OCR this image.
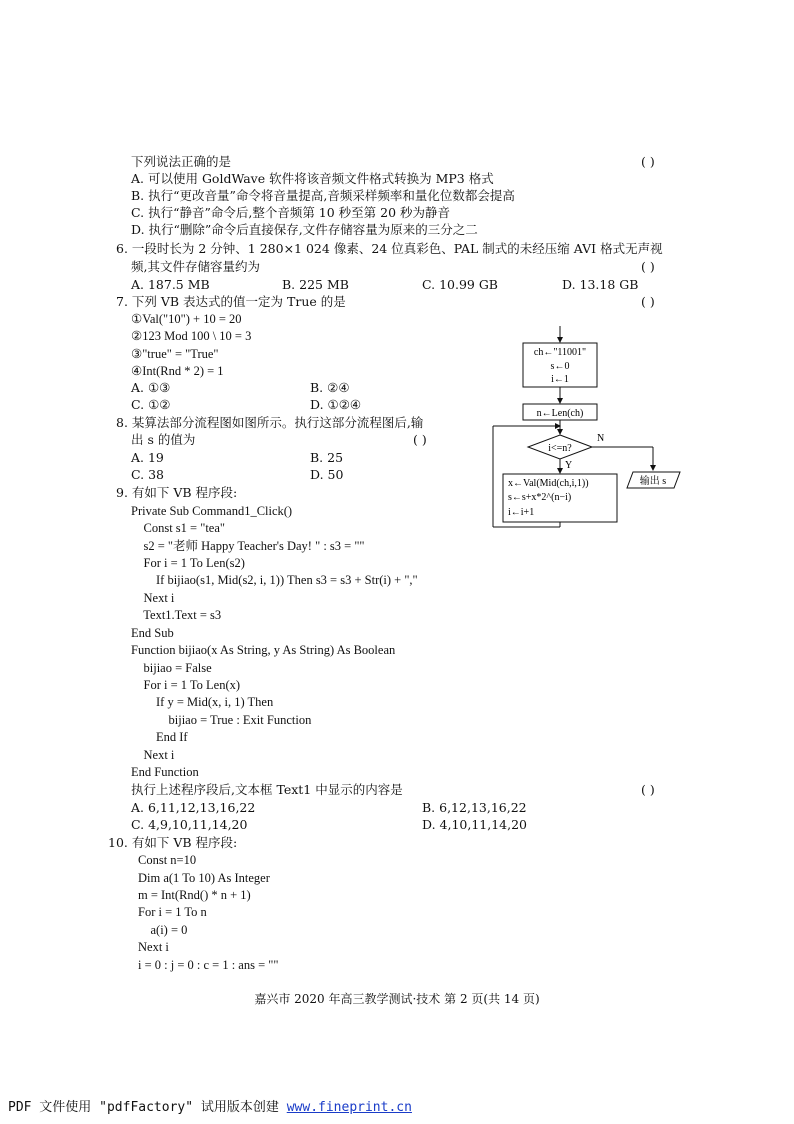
下列说法正确的是	( )
A. 可以使用 GoldWave 软件将该音频文件格式转换为 MP3 格式
B. 执行“更改音量”命令将音量提高,音频采样频率和量化位数都会提高
C. 执行“静音”命令后,整个音频第 10 秒至第 20 秒为静音
D. 执行“删除”命令后直接保存,文件存储容量为原来的三分之二
6. 一段时长为 2 分钟、1 280×1 024 像素、24 位真彩色、PAL 制式的未经压缩 AVI 格式无声视
频,其文件存储容量约为	( )
A. 187.5 MB	B. 225 MB	C. 10.99 GB	D. 13.18 GB
7. 下列 VB 表达式的值一定为 True 的是	( )
①Val("10") + 10 = 20
②123 Mod 100 \ 10 = 3
③"true" = "True"
④Int(Rnd * 2) = 1
A. ①③	B. ②④
C. ①②	D. ①②④
8. 某算法部分流程图如图所示。执行这部分流程图后,输
出 s 的值为	( )
A. 19	B. 25
C. 38	D. 50
ch←"11001"
s←0
i←1
n←Len(ch)
i<=n?
N
Y
x←Val(Mid(ch,i,1))
s←s+x*2^(n−i)
i←i+1
输出 s
9. 有如下 VB 程序段:
Private Sub Command1_Click()
Const s1 = "tea"
s2 = "老师 Happy Teacher's Day! " : s3 = ""
For i = 1 To Len(s2)
If bijiao(s1, Mid(s2, i, 1)) Then s3 = s3 + Str(i) + ","
Next i
Text1.Text = s3
End Sub
Function bijiao(x As String, y As String) As Boolean
bijiao = False
For i = 1 To Len(x)
If y = Mid(x, i, 1) Then
bijiao = True : Exit Function
End If
Next i
End Function
执行上述程序段后,文本框 Text1 中显示的内容是	( )
A. 6,11,12,13,16,22	B. 6,12,13,16,22
C. 4,9,10,11,14,20	D. 4,10,11,14,20
10. 有如下 VB 程序段:
Const n=10
Dim a(1 To 10) As Integer
m = Int(Rnd() * n + 1)
For i = 1 To n
a(i) = 0
Next i
i = 0 : j = 0 : c = 1 : ans = ""
嘉兴市 2020 年高三教学测试·技术 第 2 页(共 14 页)
PDF 文件使用 "pdfFactory" 试用版本创建 www.fineprint.cn
